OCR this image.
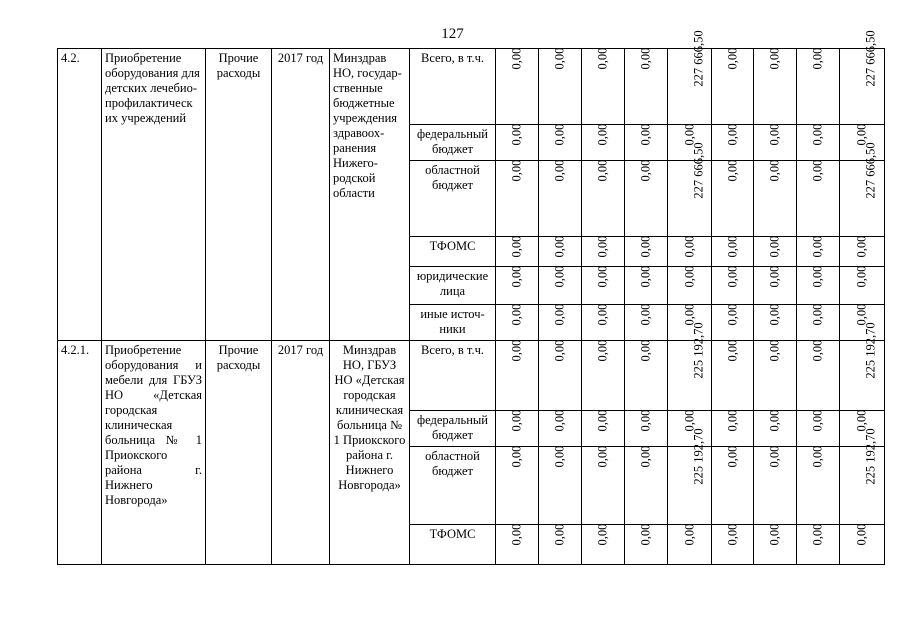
127
4.2.	Приобретение оборудования для детских лечебио-профилактическ их учреждений	Прочие расходы	2017 год	Минздрав НО, государ-ственные бюджетные учреждения здравоох-ранения Нижего-родской области	Всего, в т.ч.	0,00	0,00	0,00	0,00	227 666,50	0,00	0,00	0,00	227 666,50
					федеральный бюджет	0,00	0,00	0,00	0,00	0,00	0,00	0,00	0,00	0,00
					областной бюджет	0,00	0,00	0,00	0,00	227 666,50	0,00	0,00	0,00	227 666,50
					ТФОМС	0,00	0,00	0,00	0,00	0,00	0,00	0,00	0,00	0,00
					юридические лица	0,00	0,00	0,00	0,00	0,00	0,00	0,00	0,00	0,00
					иные источ-ники	0,00	0,00	0,00	0,00	0,00	0,00	0,00	0,00	0,00
4.2.1.	Приобретение оборудования и мебели для ГБУЗ НО «Детская городская клиническая больница № 1 Приокского района г. Нижнего Новгорода»	Прочие расходы	2017 год	Минздрав НО, ГБУЗ НО «Детская городская клиническая больница № 1 Приокского района г. Нижнего Новгорода»	Всего, в т.ч.	0,00	0,00	0,00	0,00	225 192,70	0,00	0,00	0,00	225 192,70
					федеральный бюджет	0,00	0,00	0,00	0,00	0,00	0,00	0,00	0,00	0,00
					областной бюджет	0,00	0,00	0,00	0,00	225 192,70	0,00	0,00	0,00	225 192,70
					ТФОМС	0,00	0,00	0,00	0,00	0,00	0,00	0,00	0,00	0,00
